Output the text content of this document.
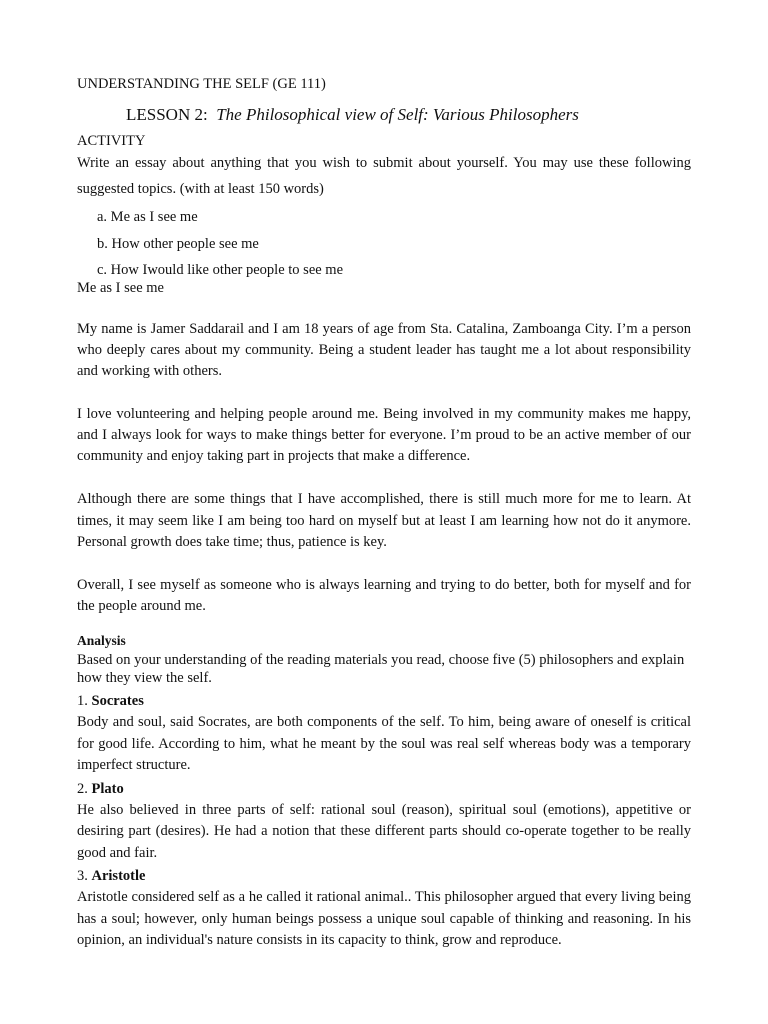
UNDERSTANDING THE SELF (GE 111)

LESSON 2: The Philosophical view of Self: Various Philosophers

ACTIVITY

Write an essay about anything that you wish to submit about yourself. You may use these following suggested topics. (with at least 150 words)

a. Me as I see me
b. How other people see me
c. How Iwould like other people to see me

Me as I see me

My name is Jamer Saddarail and I am 18 years of age from Sta. Catalina, Zamboanga City. I’m a person who deeply cares about my community. Being a student leader has taught me a lot about responsibility and working with others.

I love volunteering and helping people around me. Being involved in my community makes me happy, and I always look for ways to make things better for everyone. I’m proud to be an active member of our community and enjoy taking part in projects that make a difference.

Although there are some things that I have accomplished, there is still much more for me to learn. At times, it may seem like I am being too hard on myself but at least I am learning how not do it anymore. Personal growth does take time; thus, patience is key.

Overall, I see myself as someone who is always learning and trying to do better, both for myself and for the people around me.

Analysis

Based on your understanding of the reading materials you read, choose five (5) philosophers and explain how they view the self.

1. Socrates

Body and soul, said Socrates, are both components of the self. To him, being aware of oneself is critical for good life. According to him, what he meant by the soul was real self whereas body was a temporary imperfect structure.

2. Plato

He also believed in three parts of self: rational soul (reason), spiritual soul (emotions), appetitive or desiring part (desires). He had a notion that these different parts should co-operate together to be really good and fair.

3. Aristotle

Aristotle considered self as a he called it rational animal.. This philosopher argued that every living being has a soul; however, only human beings possess a unique soul capable of thinking and reasoning. In his opinion, an individual's nature consists in its capacity to think, grow and reproduce.
